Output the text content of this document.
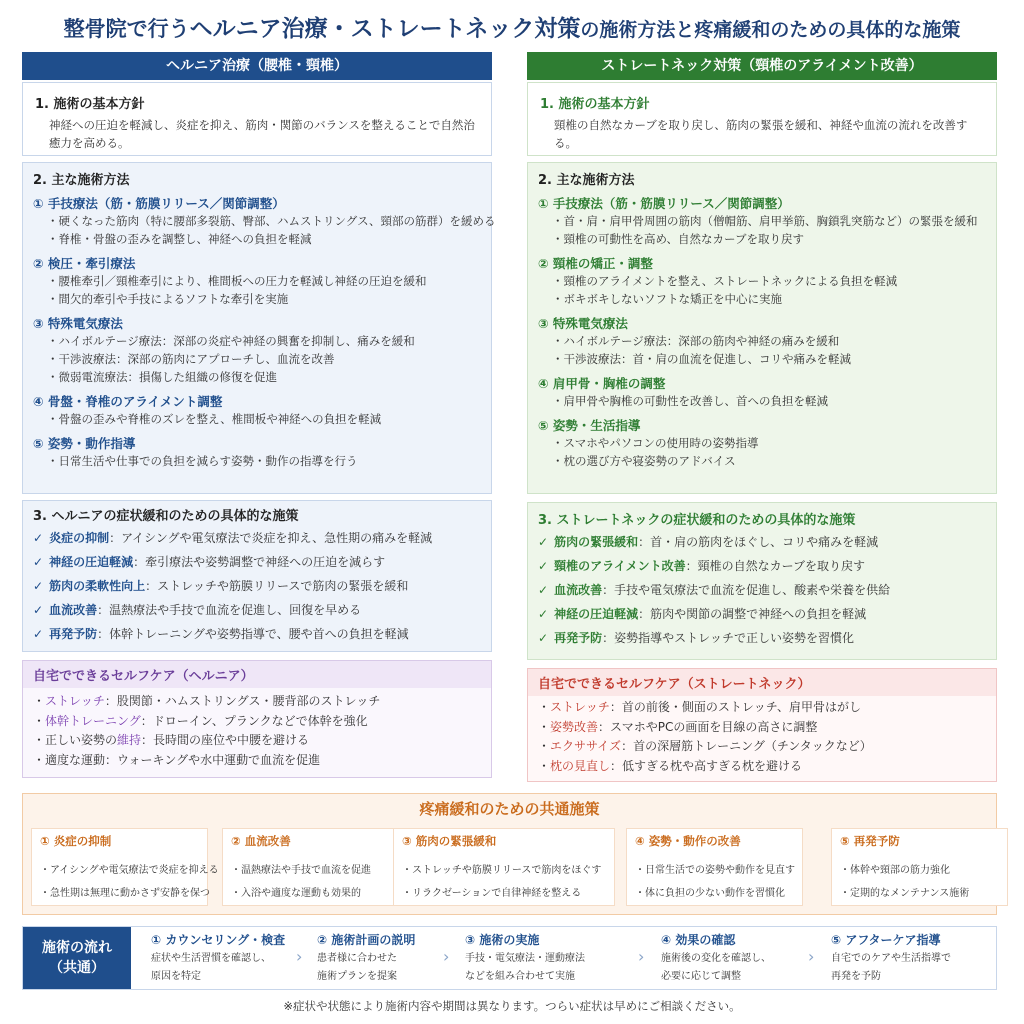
整骨院で行うヘルニア治療・ストレートネック対策の施術方法と疼痛緩和のための具体的な施策
ヘルニア治療（腰椎・頸椎）
1. 施術の基本方針
神経への圧迫を軽減し、炎症を抑え、筋肉・関節のバランスを整えることで自然治癒力を高める。
2. 主な施術方法
① 手技療法（筋・筋膜リリース／関節調整）
・硬くなった筋肉（特に腰部多裂筋、臀部、ハムストリングス、頸部の筋群）を緩める
・脊椎・骨盤の歪みを調整し、神経への負担を軽減
② 検圧・牽引療法
・腰椎牽引／頸椎牽引により、椎間板への圧力を軽減し神経の圧迫を緩和
・間欠的牽引や手技によるソフトな牽引を実施
③ 特殊電気療法
・ハイボルテージ療法：深部の炎症や神経の興奮を抑制し、痛みを緩和
・干渉波療法：深部の筋肉にアプローチし、血流を改善
・微弱電流療法：損傷した組織の修復を促進
④ 骨盤・脊椎のアライメント調整
・骨盤の歪みや脊椎のズレを整え、椎間板や神経への負担を軽減
⑤ 姿勢・動作指導
・日常生活や仕事での負担を減らす姿勢・動作の指導を行う
3. ヘルニアの症状緩和のための具体的な施策
✓ 炎症の抑制：アイシングや電気療法で炎症を抑え、急性期の痛みを軽減
✓ 神経の圧迫軽減：牽引療法や姿勢調整で神経への圧迫を減らす
✓ 筋肉の柔軟性向上：ストレッチや筋膜リリースで筋肉の緊張を緩和
✓ 血流改善：温熱療法や手技で血流を促進し、回復を早める
✓ 再発予防：体幹トレーニングや姿勢指導で、腰や首への負担を軽減
ストレートネック対策（頸椎のアライメント改善）
1. 施術の基本方針
頸椎の自然なカーブを取り戻し、筋肉の緊張を緩和、神経や血流の流れを改善する。
2. 主な施術方法
① 手技療法（筋・筋膜リリース／関節調整）
・首・肩・肩甲骨周囲の筋肉（僧帽筋、肩甲挙筋、胸鎖乳突筋など）の緊張を緩和
・頸椎の可動性を高め、自然なカーブを取り戻す
② 頸椎の矯正・調整
・頸椎のアライメントを整え、ストレートネックによる負担を軽減
・ボキボキしないソフトな矯正を中心に実施
③ 特殊電気療法
・ハイボルテージ療法：深部の筋肉や神経の痛みを緩和
・干渉波療法：首・肩の血流を促進し、コリや痛みを軽減
④ 肩甲骨・胸椎の調整
・肩甲骨や胸椎の可動性を改善し、首への負担を軽減
⑤ 姿勢・生活指導
・スマホやパソコンの使用時の姿勢指導
・枕の選び方や寝姿勢のアドバイス
3. ストレートネックの症状緩和のための具体的な施策
✓ 筋肉の緊張緩和：首・肩の筋肉をほぐし、コリや痛みを軽減
✓ 頸椎のアライメント改善：頸椎の自然なカーブを取り戻す
✓ 血流改善：手技や電気療法で血流を促進し、酸素や栄養を供給
✓ 神経の圧迫軽減：筋肉や関節の調整で神経への負担を軽減
✓ 再発予防：姿勢指導やストレッチで正しい姿勢を習慣化
自宅でできるセルフケア（ヘルニア）
・ストレッチ：股関節・ハムストリングス・腰背部のストレッチ
・体幹トレーニング：ドローイン、プランクなどで体幹を強化
・正しい姿勢の維持：長時間の座位や中腰を避ける
・適度な運動：ウォーキングや水中運動で血流を促進
自宅でできるセルフケア（ストレートネック）
・ストレッチ：首の前後・側面のストレッチ、肩甲骨はがし
・姿勢改善：スマホやPCの画面を目線の高さに調整
・エクササイズ：首の深層筋トレーニング（チンタックなど）
・枕の見直し：低すぎる枕や高すぎる枕を避ける
疼痛緩和のための共通施策
① 炎症の抑制
・アイシングや電気療法で炎症を抑える
・急性期は無理に動かさず安静を保つ
② 血流改善
・温熱療法や手技で血流を促進
・入浴や適度な運動も効果的
③ 筋肉の緊張緩和
・ストレッチや筋膜リリースで筋肉をほぐす
・リラクゼーションで自律神経を整える
④ 姿勢・動作の改善
・日常生活での姿勢や動作を見直す
・体に負担の少ない動作を習慣化
⑤ 再発予防
・体幹や頸部の筋力強化
・定期的なメンテナンス施術
施術の流れ
（共通）
① カウンセリング・検査
症状や生活習慣を確認し、
原因を特定
›
② 施術計画の説明
患者様に合わせた
施術プランを提案
›
③ 施術の実施
手技・電気療法・運動療法
などを組み合わせて実施
›
④ 効果の確認
施術後の変化を確認し、
必要に応じて調整
›
⑤ アフターケア指導
自宅でのケアや生活指導で
再発を予防
※症状や状態により施術内容や期間は異なります。つらい症状は早めにご相談ください。
